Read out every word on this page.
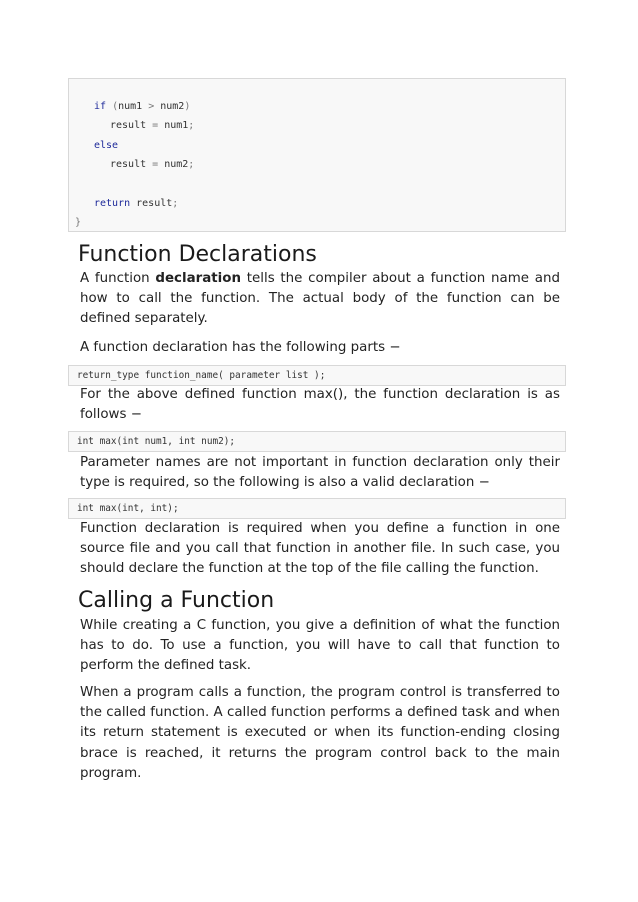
if (num1 > num2)
result = num1;
else
result = num2;
return result;
}
Function Declarations

A function declaration tells the compiler about a function name and how to call the function. The actual body of the function can be defined separately.

A function declaration has the following parts −

return_type function_name( parameter list );

For the above defined function max(), the function declaration is as follows −

int max(int num1, int num2);

Parameter names are not important in function declaration only their type is required, so the following is also a valid declaration −

int max(int, int);

Function declaration is required when you define a function in one source file and you call that function in another file. In such case, you should declare the function at the top of the file calling the function.

Calling a Function

While creating a C function, you give a definition of what the function has to do. To use a function, you will have to call that function to perform the defined task.

When a program calls a function, the program control is transferred to the called function. A called function performs a defined task and when its return statement is executed or when its function-ending closing brace is reached, it returns the program control back to the main program.
